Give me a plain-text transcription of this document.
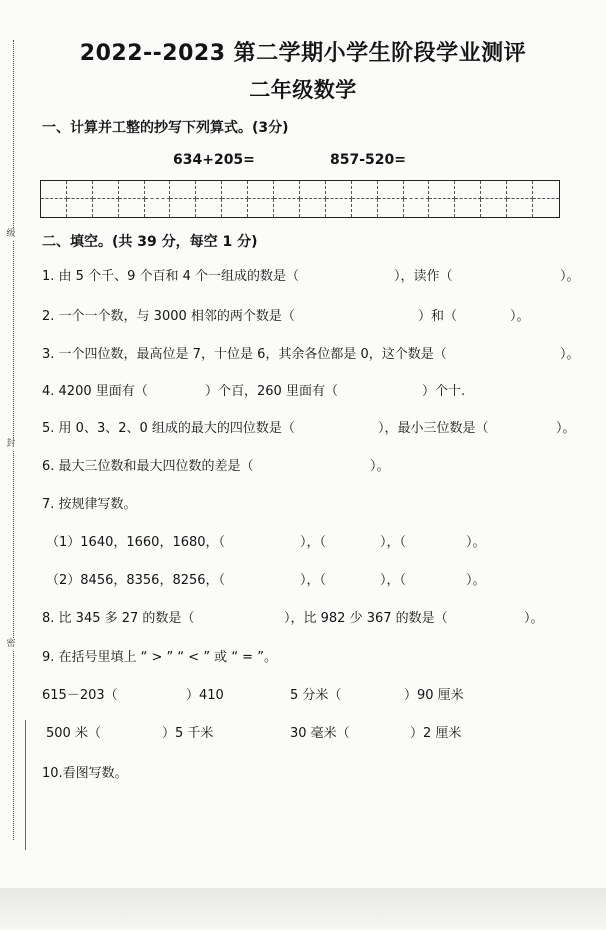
级
封
密
2022--2023 第二学期小学生阶段学业测评
二年级数学
一、计算并工整的抄写下列算式。(3分)
634+205=	857-520=
二、填空。(共 39 分，每空 1 分)
1. 由 5 个千、9 个百和 4 个一组成的数是（	），读作（	）。
2. 一个一个数，与 3000 相邻的两个数是（	）和（	）。
3. 一个四位数，最高位是 7，十位是 6，其余各位都是 0，这个数是（	）。
4. 4200 里面有（	）个百，260 里面有（	）个十.
5. 用 0、3、2、0 组成的最大的四位数是（	），最小三位数是（	）。
6. 最大三位数和最大四位数的差是（	）。
7. 按规律写数。
（1）1640，1660，1680，（	），（	），（	）。
（2）8456，8356，8256，（	），（	），（	）。
8. 比 345 多 27 的数是（	），比 982 少 367 的数是（	）。
9. 在括号里填上 “ > ” “ < ” 或 “ = ”。
615－203（	）410	5 分米（	）90 厘米
500 米（	）5 千米	30 毫米（	）2 厘米
10.看图写数。
